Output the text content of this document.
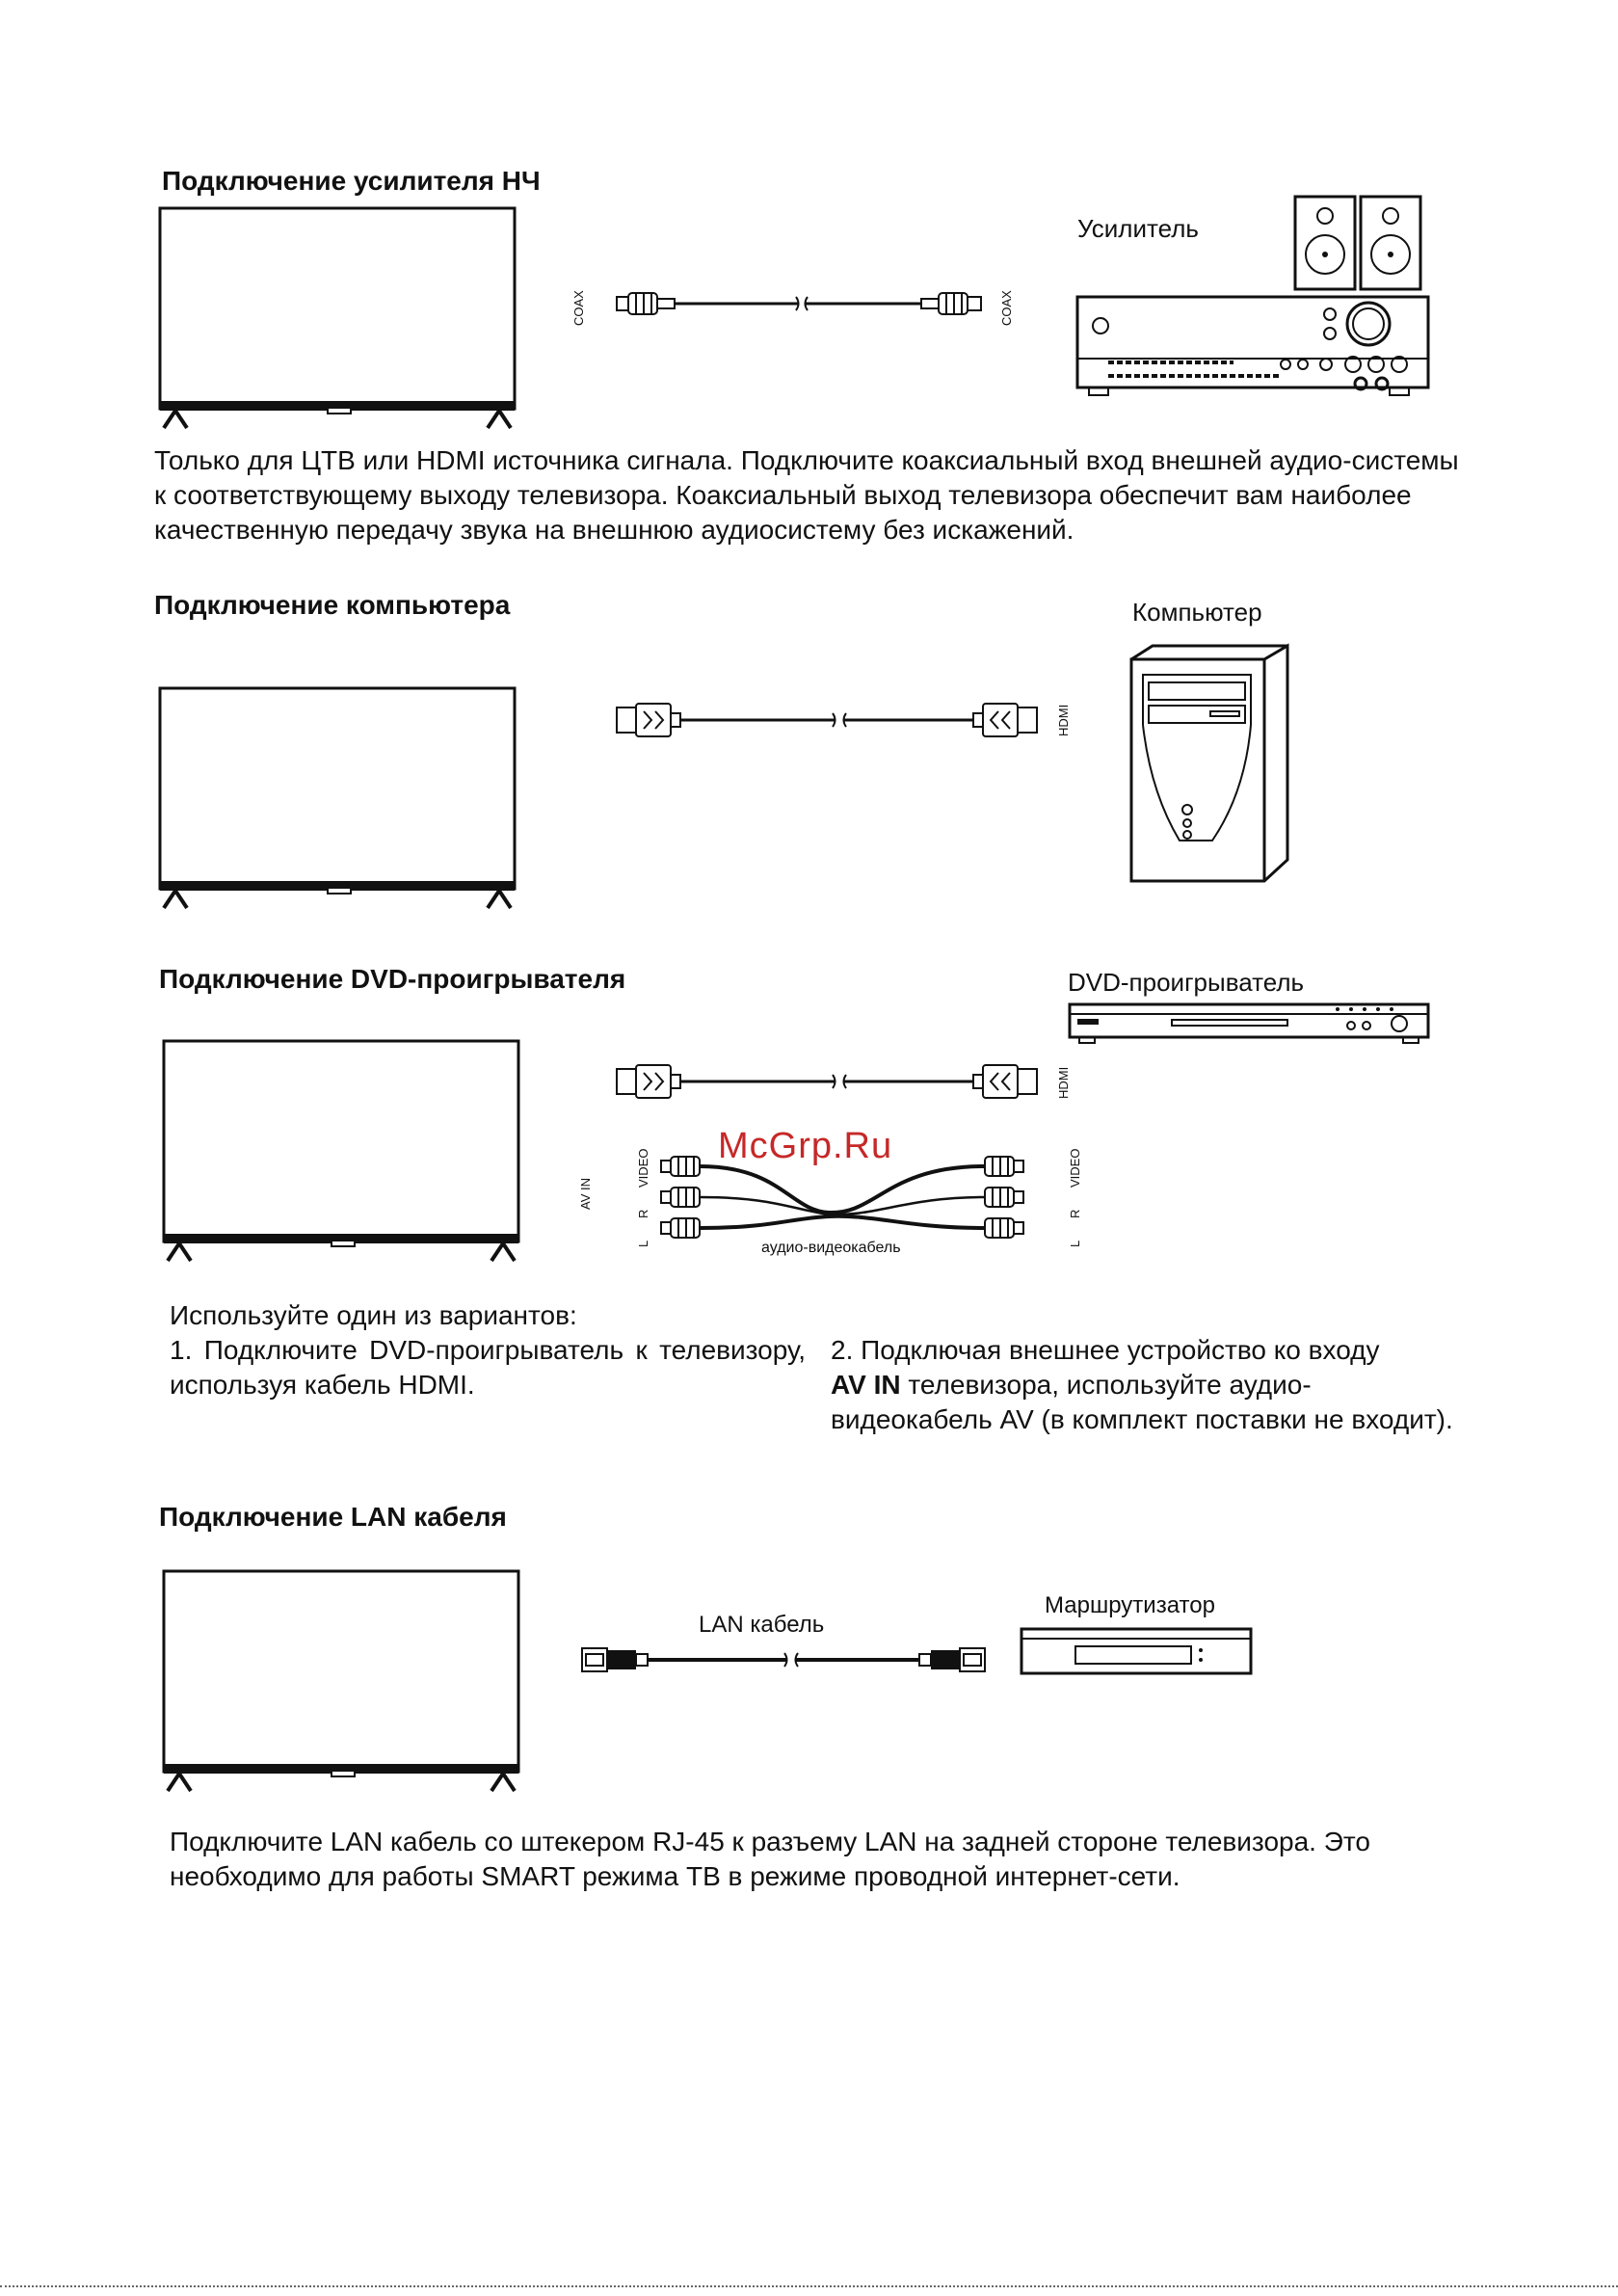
Подключение усилителя НЧ
COAX	COAX
Усилитель
Только для ЦТВ или HDMI источника сигнала. Подключите коаксиальный вход внешней аудио-системы к соответствующему выходу телевизора. Коаксиальный выход телевизора обеспечит вам наиболее качественную передачу звука на внешнюю аудиосистему без искажений.
Подключение компьютера
HDMI
Компьютер
Подключение DVD-проигрывателя	DVD-проигрыватель
HDMI
AV IN
VIDEO
R
L
VIDEO
R
L
аудио-видеокабель
McGrp.Ru
Используйте один из вариантов:
1. Подключите DVD-проигрыватель к телевизору, используя кабель HDMI.
2. Подключая внешнее устройство ко входу
AV IN телевизора, используйте аудио-видеокабель AV (в комплект поставки не входит).
Подключение LAN кабеля
LAN кабель
Маршрутизатор
Подключите LAN кабель со штекером RJ-45 к разъему LAN на задней стороне телевизора. Это необходимо для работы SMART режима ТВ в режиме проводной интернет-сети.
